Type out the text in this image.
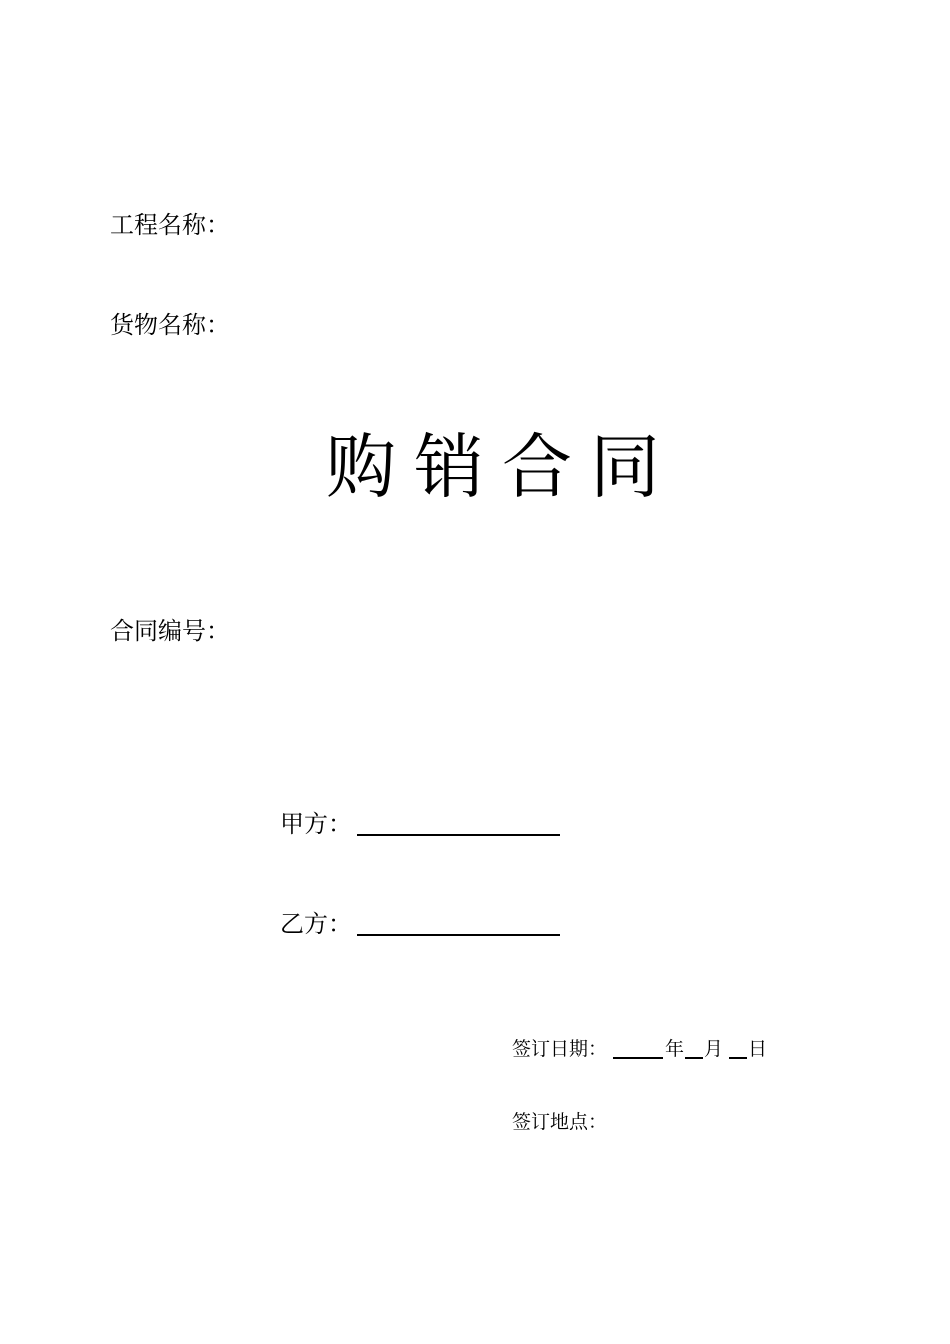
工程名称：
货物名称：
购销合同
合同编号：
甲方：
乙方：
签订日期：	年 月 日
签订地点：
